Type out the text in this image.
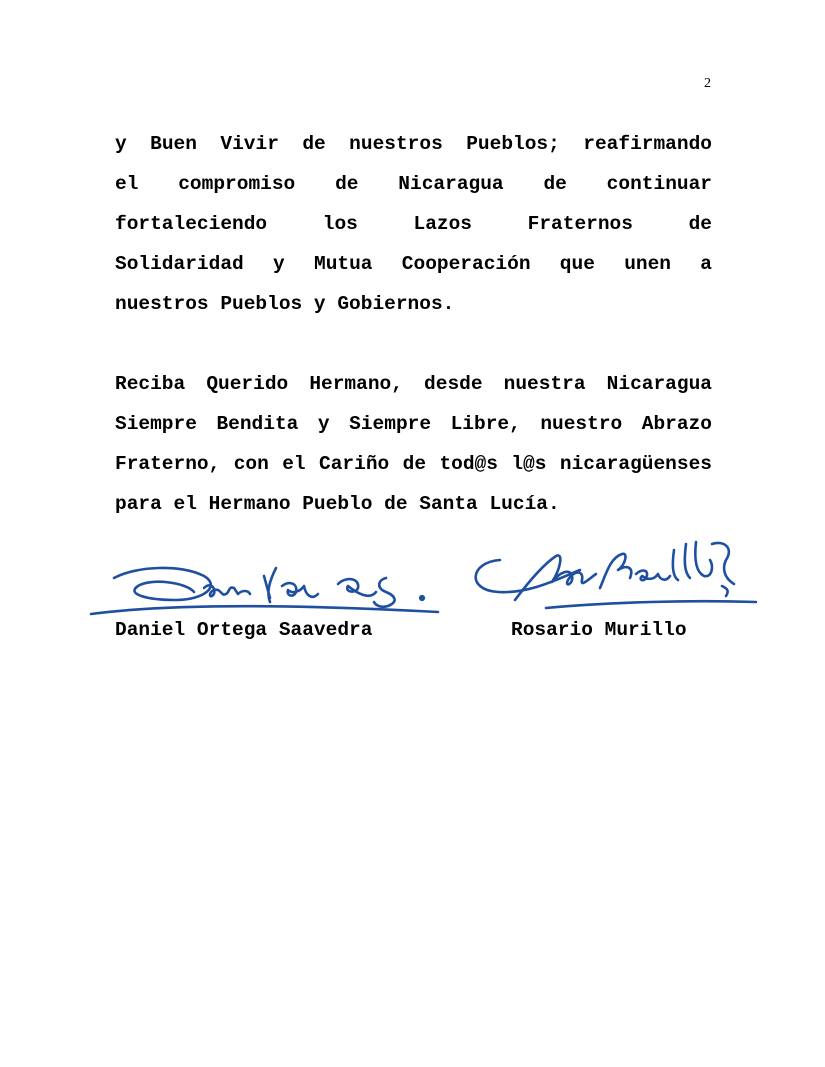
2
y Buen Vivir de nuestros Pueblos; reafirmando
el compromiso de Nicaragua de continuar
fortaleciendo los Lazos Fraternos de
Solidaridad y Mutua Cooperación que unen a
nuestros Pueblos y Gobiernos.
Reciba Querido Hermano, desde nuestra Nicaragua
Siempre Bendita y Siempre Libre, nuestro Abrazo
Fraterno, con el Cariño de tod@s l@s nicaragüenses
para el Hermano Pueblo de Santa Lucía.
Daniel Ortega Saavedra	Rosario Murillo
